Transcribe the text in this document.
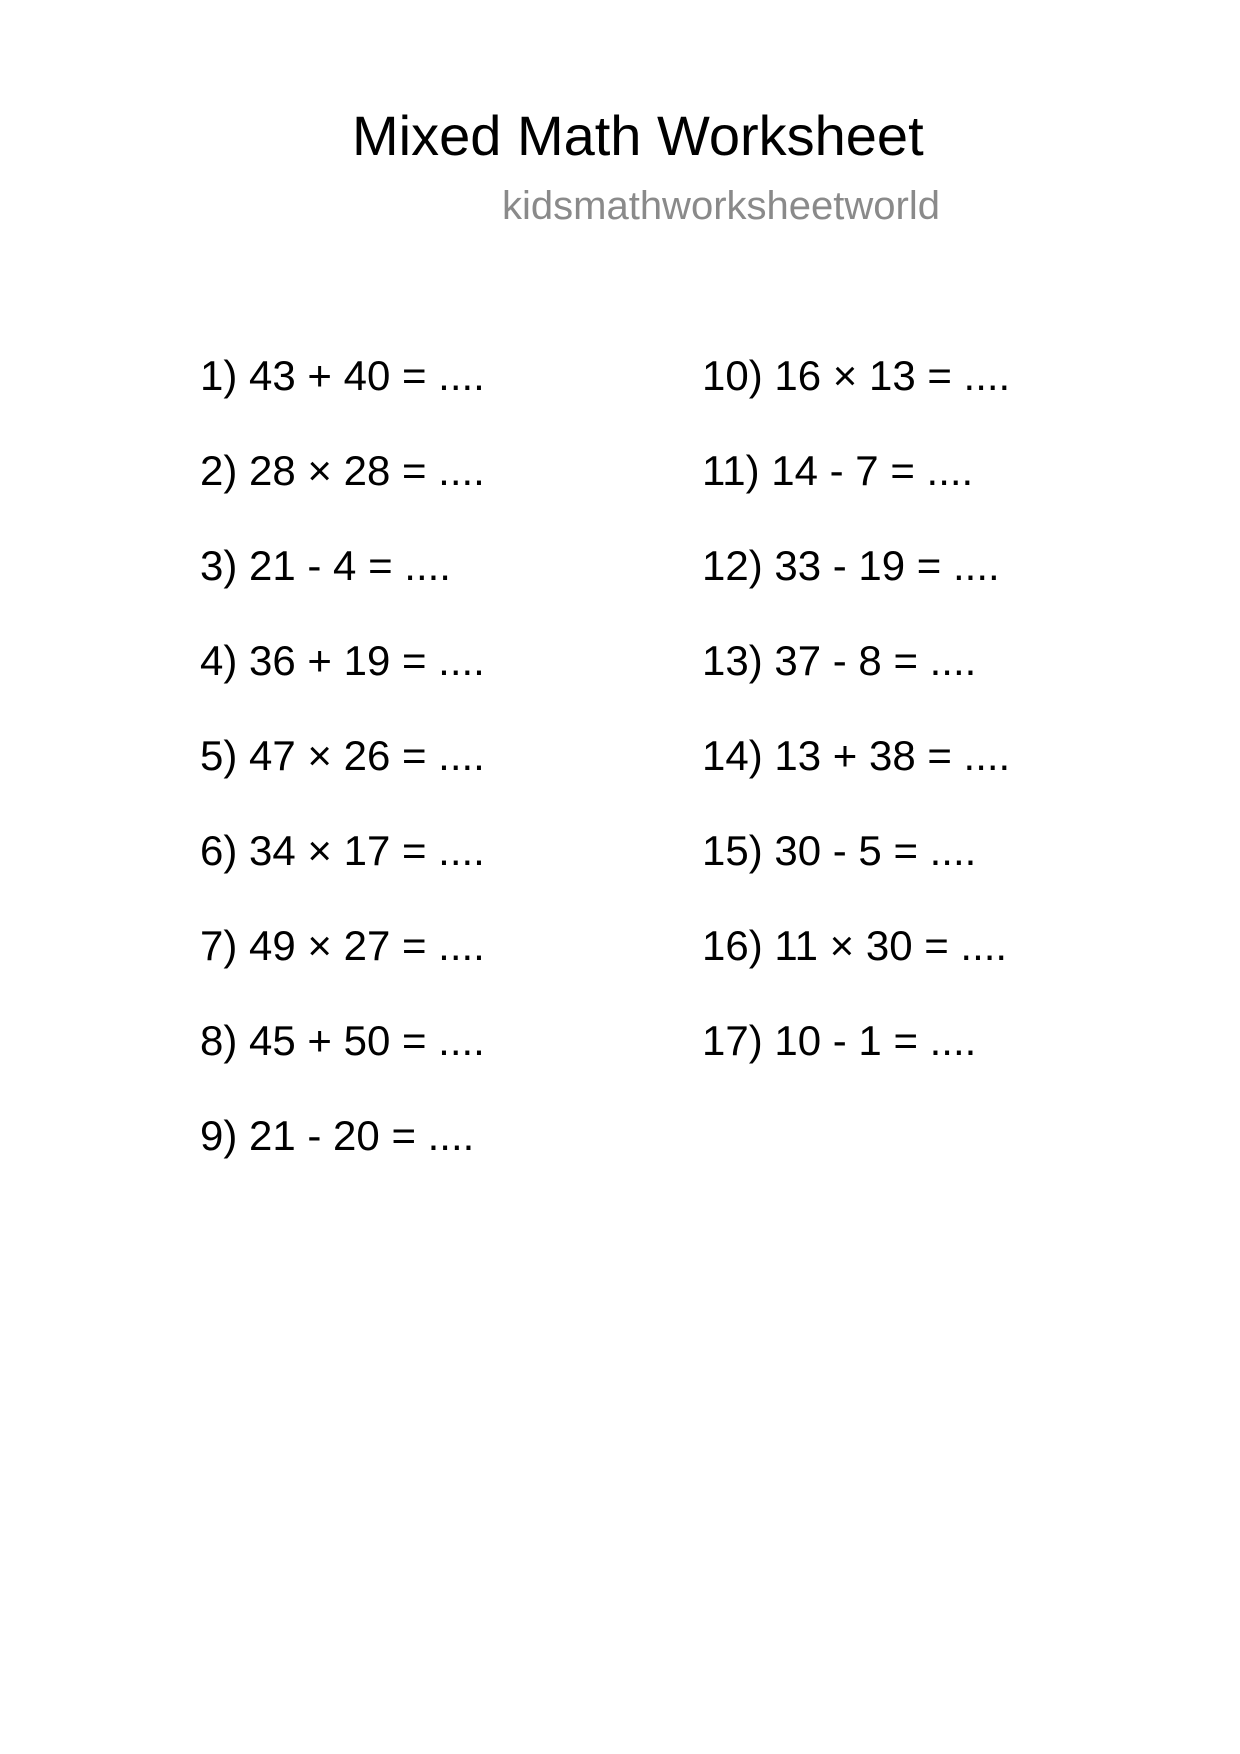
Mixed Math Worksheet
kidsmathworksheetworld
1) 43 + 40 = ....
2) 28 × 28 = ....
3) 21 - 4 = ....
4) 36 + 19 = ....
5) 47 × 26 = ....
6) 34 × 17 = ....
7) 49 × 27 = ....
8) 45 + 50 = ....
9) 21 - 20 = ....
10) 16 × 13 = ....
11) 14 - 7 = ....
12) 33 - 19 = ....
13) 37 - 8 = ....
14) 13 + 38 = ....
15) 30 - 5 = ....
16) 11 × 30 = ....
17) 10 - 1 = ....
